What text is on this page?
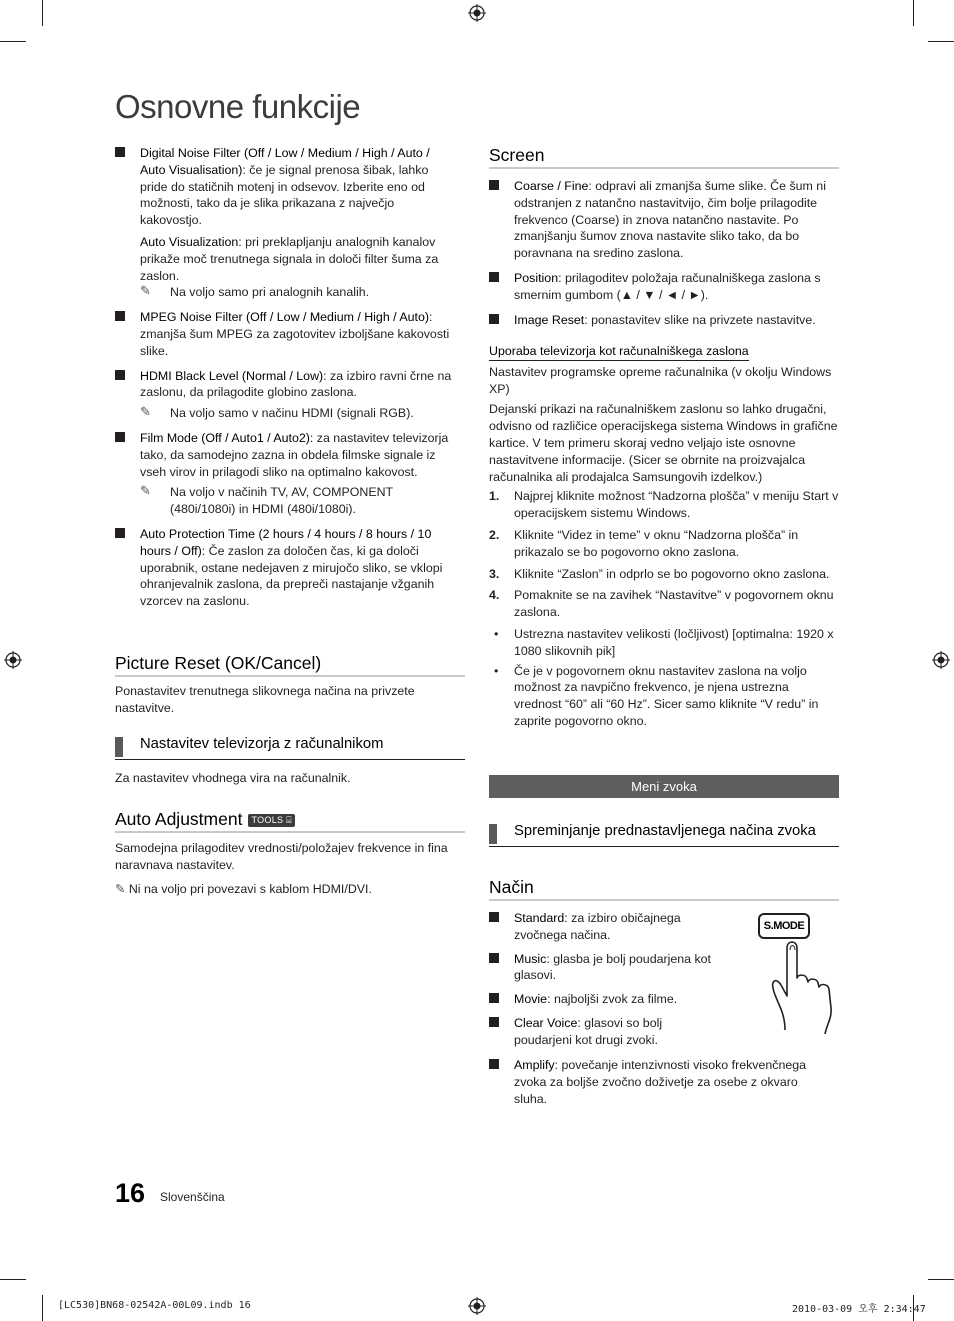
Osnovne funkcije

Digital Noise Filter (Off / Low / Medium / High / Auto / Auto Visualisation): če je signal prenosa šibak, lahko pride do statičnih motenj in odsevov. Izberite eno od možnosti, tako da je slika prikazana z največjo kakovostjo.

Auto Visualization: pri preklapljanju analognih kanalov prikaže moč trenutnega signala in določi filter šuma za zaslon.

✎ Na voljo samo pri analognih kanalih.

MPEG Noise Filter (Off / Low / Medium / High / Auto): zmanjša šum MPEG za zagotovitev izboljšane kakovosti slike.

HDMI Black Level (Normal / Low): za izbiro ravni črne na zaslonu, da prilagodite globino zaslona.

✎ Na voljo samo v načinu HDMI (signali RGB).

Film Mode (Off / Auto1 / Auto2): za nastavitev televizorja tako, da samodejno zazna in obdela filmske signale iz vseh virov in prilagodi sliko na optimalno kakovost.

✎ Na voljo v načinih TV, AV, COMPONENT (480i/1080i) in HDMI (480i/1080i).

Auto Protection Time (2 hours / 4 hours / 8 hours / 10 hours / Off): Če zaslon za določen čas, ki ga določi uporabnik, ostane nedejaven z mirujočo sliko, se vklopi ohranjevalnik zaslona, da prepreči nastajanje vžganih vzorcev na zaslonu.

Picture Reset (OK/Cancel)
Ponastavitev trenutnega slikovnega načina na privzete nastavitve.
Nastavitev televizorja z računalnikom
Za nastavitev vhodnega vira na računalnik.
Auto Adjustment TOOLS ⌸
Samodejna prilagoditev vrednosti/položajev frekvence in fina naravnava nastavitev.
✎ Ni na voljo pri povezavi s kablom HDMI/DVI.
Screen

Coarse / Fine: odpravi ali zmanjša šume slike. Če šum ni odstranjen z natančno nastavitvijo, čim bolje prilagodite frekvenco (Coarse) in znova natančno nastavite. Po zmanjšanju šumov znova nastavite sliko tako, da bo poravnana na sredino zaslona.

Position: prilagoditev položaja računalniškega zaslona s smernim gumbom (▲ / ▼ / ◄ / ►).

Image Reset: ponastavitev slike na privzete nastavitve.

Uporaba televizorja kot računalniškega zaslona

Nastavitev programske opreme računalnika (v okolju Windows XP)

Dejanski prikazi na računalniškem zaslonu so lahko drugačni, odvisno od različice operacijskega sistema Windows in grafične kartice. V tem primeru skoraj vedno veljajo iste osnovne nastavitvene informacije. (Sicer se obrnite na proizvajalca računalnika ali prodajalca Samsungovih izdelkov.)

1. Najprej kliknite možnost “Nadzorna plošča” v meniju Start v operacijskem sistemu Windows.

2. Kliknite “Videz in teme” v oknu “Nadzorna plošča” in prikazalo se bo pogovorno okno zaslona.

3. Kliknite “Zaslon” in odprlo se bo pogovorno okno zaslona.

4. Pomaknite se na zavihek “Nastavitve” v pogovornem oknu zaslona.

• Ustrezna nastavitev velikosti (ločljivost) [optimalna: 1920 x 1080 slikovnih pik]

• Če je v pogovornem oknu nastavitev zaslona na voljo možnost za navpično frekvenco, je njena ustrezna vrednost “60” ali “60 Hz”. Sicer samo kliknite “V redu” in zaprite pogovorno okno.

Meni zvoka
Spreminjanje prednastavljenega načina zvoka
Način

Standard: za izbiro običajnega zvočnega načina.

Music: glasba je bolj poudarjena kot glasovi.

Movie: najboljši zvok za filme.

Clear Voice: glasovi so bolj poudarjeni kot drugi zvoki.

Amplify: povečanje intenzivnosti visoko frekvenčnega zvoka za boljše zvočno doživetje za osebe z okvaro sluha.

S.MODE
16 Slovenščina
[LC530]BN68-02542A-00L09.indb 16	2010-03-09 오후 2:34:47
